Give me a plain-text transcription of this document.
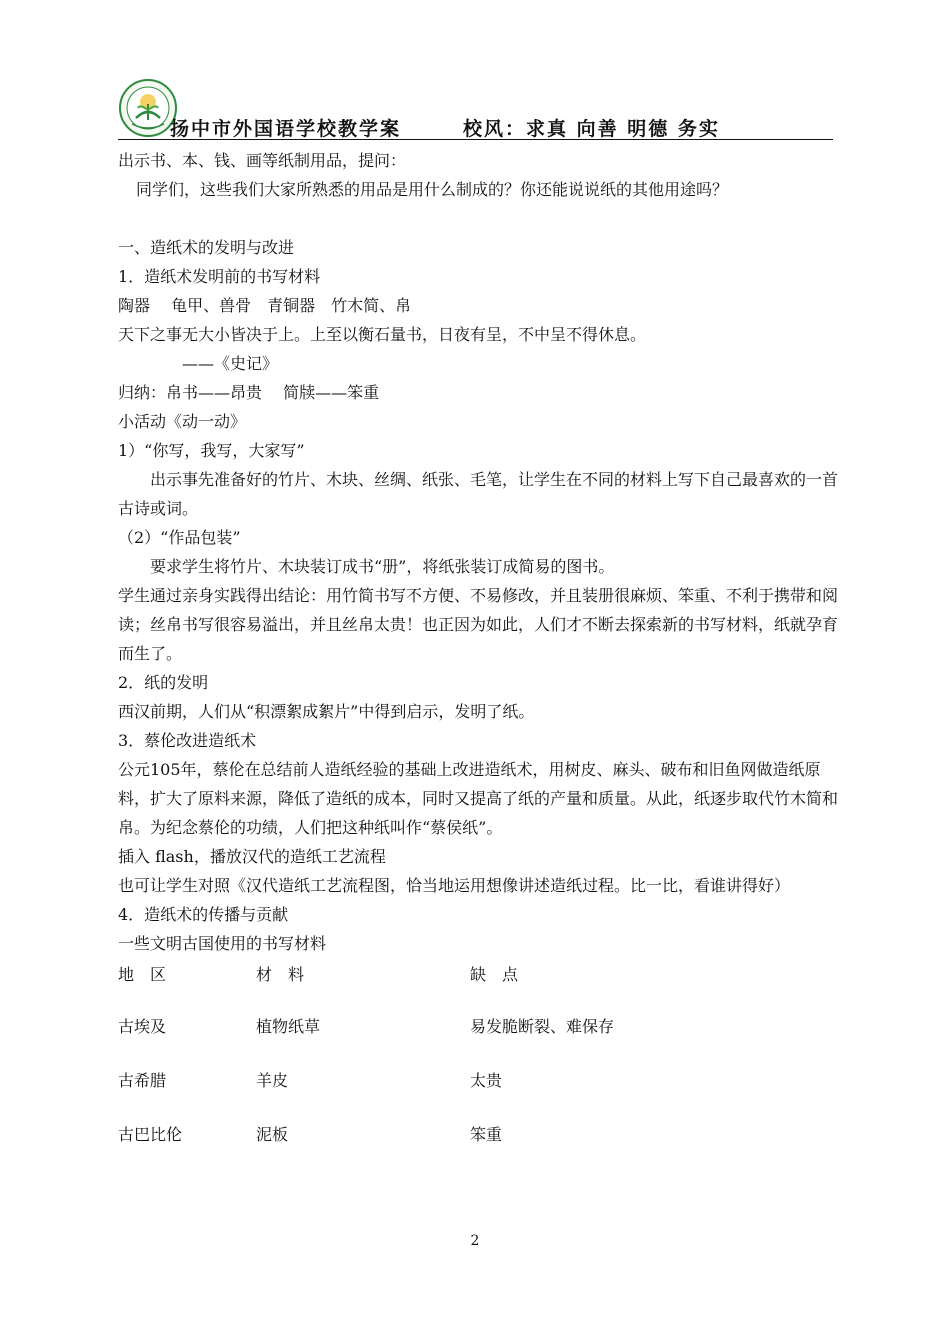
扬中市外国语学校教学案	校风：求真 向善 明德 务实
出示书、本、钱、画等纸制用品，提问：
同学们，这些我们大家所熟悉的用品是用什么制成的？你还能说说纸的其他用途吗？
一、造纸术的发明与改进
1．造纸术发明前的书写材料
陶器　 龟甲、兽骨　青铜器　竹木简、帛
天下之事无大小皆决于上。上至以衡石量书，日夜有呈，不中呈不得休息。
——《史记》
归纳：帛书——昂贵　 简牍——笨重
小活动《动一动》
1）“你写，我写，大家写”
出示事先准备好的竹片、木块、丝绸、纸张、毛笔，让学生在不同的材料上写下自己最喜欢的一首古诗或词。
（2）“作品包装”
要求学生将竹片、木块装订成书“册”，将纸张装订成简易的图书。
学生通过亲身实践得出结论：用竹简书写不方便、不易修改，并且装册很麻烦、笨重、不利于携带和阅读；丝帛书写很容易溢出，并且丝帛太贵！也正因为如此，人们才不断去探索新的书写材料，纸就孕育而生了。
2．纸的发明
西汉前期，人们从“积漂絮成絮片”中得到启示，发明了纸。
3．蔡伦改进造纸术
公元105年，蔡伦在总结前人造纸经验的基础上改进造纸术，用树皮、麻头、破布和旧鱼网做造纸原料，扩大了原料来源，降低了造纸的成本，同时又提高了纸的产量和质量。从此，纸逐步取代竹木简和帛。为纪念蔡伦的功绩，人们把这种纸叫作“蔡侯纸”。
插入 flash，播放汉代的造纸工艺流程
也可让学生对照《汉代造纸工艺流程图，恰当地运用想像讲述造纸过程。比一比，看谁讲得好）
4．造纸术的传播与贡献
一些文明古国使用的书写材料
地　区	材　料	缺　点
古埃及	植物纸草	易发脆断裂、难保存
古希腊	羊皮	太贵
古巴比伦	泥板	笨重
2
